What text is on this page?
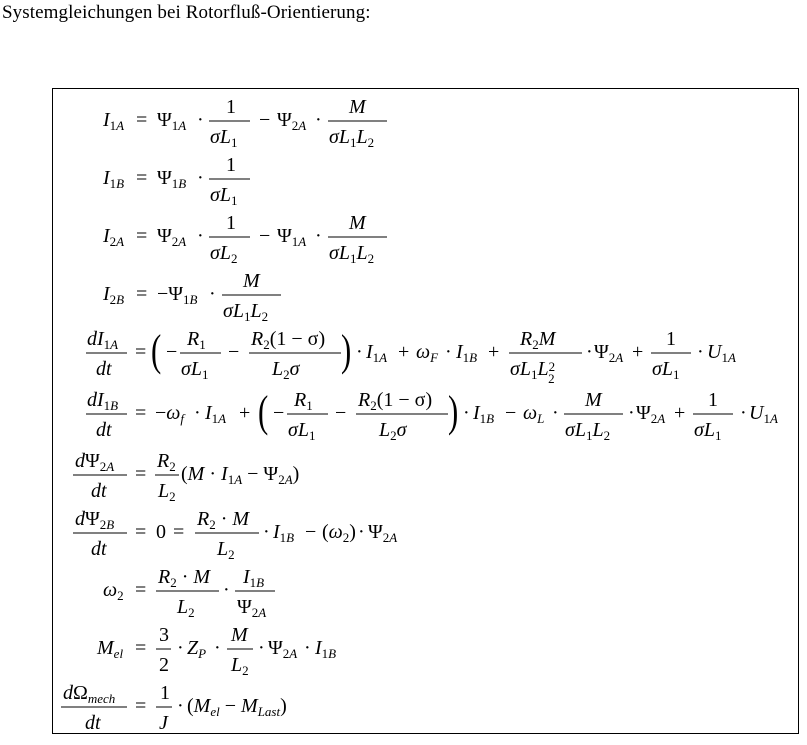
Systemgleichungen bei Rotorfluß-Orientierung:
$I_1A = \Psi_1A$ ·
1
$\sigma L_1$
− $\Psi_2A$ ·
M
$\sigma L_1L_2$
$I_1B = \Psi_1B$ ·
1
$\sigma L_1$
$I_2A = \Psi_2A$ ·
1
$\sigma L_2$
− $\Psi_1A$ ·
M
$\sigma L_1L_2$
$I_2B = -\Psi_1B$ ·
M
$\sigma L_1L_2$
$dI_1A$
dt
= ( −
$R_1$
$\sigma L_1$
−
$R_2(1 - \sigma)$
$L_2\sigma$ ) · $I_1A + \omega_F \cdot I_1B$ +
$R_2M$
$\sigma L_1L^2$ 2
· $\Psi_2A$ +
1
$\sigma L_1$
· $U_1A$
$dI_1B$
dt
= $-\omega_f \cdot I_1A$ + ( −
$R_1$
$\sigma L_1$
−
$R_2(1 - \sigma)$
$L_2\sigma$ ) · $I_1B - \omega_L$ ·
M
$\sigma L_1L_2$
· $\Psi_2A$ +
1
$\sigma L_1$
· $U_1A$
$d\Psi_2A$
dt
=
$R_2$
$L_2$
$(M \cdot I_1A - \Psi_2A)$
$d\Psi_2B$
dt
= 0 =
$R_2 \cdot M$
$L_2$
· $I_1B - (\omega_2) \cdot \Psi_2A$
$\omega_2$ =
$R_2 \cdot M$
$L_2$
·
$I_1B$
$\Psi_2A$
$M_{el}$ =
3
2
· $Z_P$ ·
M
$L_2$
· $\Psi_2A \cdot I_1B$
$d\Omega_{mech}$
dt
=
1
J
· $(M_{el} - M_{Last})$
